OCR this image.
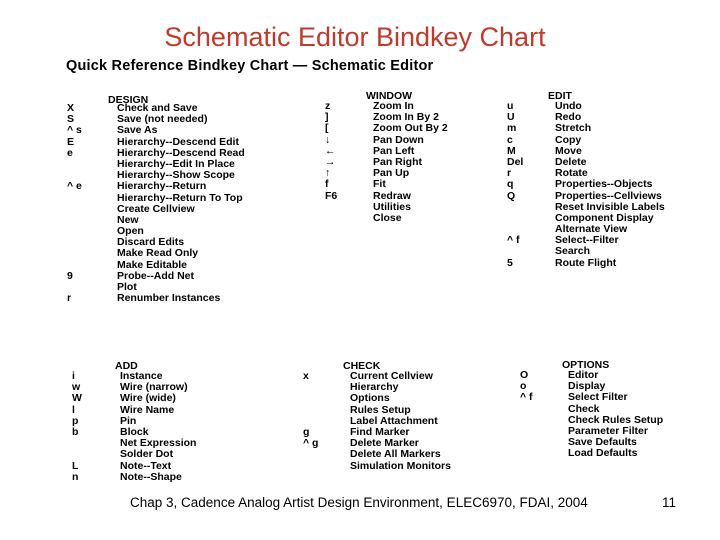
Schematic Editor Bindkey Chart
Quick Reference Bindkey Chart — Schematic Editor
DESIGN
X	Check and Save
S	Save (not needed)
^ s	Save As
E	Hierarchy--Descend Edit
e	Hierarchy--Descend Read
Hierarchy--Edit In Place
Hierarchy--Show Scope
^ e	Hierarchy--Return
Hierarchy--Return To Top
Create Cellview
New
Open
Discard Edits
Make Read Only
Make Editable
9	Probe--Add Net
Plot
r	Renumber Instances
WINDOW
z	Zoom In
]	Zoom In By 2
[	Zoom Out By 2
↓	Pan Down
←	Pan Left
→	Pan Right
↑	Pan Up
f	Fit
F6	Redraw
Utilities
Close
EDIT
u	Undo
U	Redo
m	Stretch
c	Copy
M	Move
Del	Delete
r	Rotate
q	Properties--Objects
Q	Properties--Cellviews
Reset Invisible Labels
Component Display
Alternate View
^ f	Select--Filter
Search
5	Route Flight
ADD
i	Instance
w	Wire (narrow)
W	Wire (wide)
l	Wire Name
p	Pin
b	Block
Net Expression
Solder Dot
L	Note--Text
n	Note--Shape
CHECK
x	Current Cellview
Hierarchy
Options
Rules Setup
Label Attachment
g	Find Marker
^ g	Delete Marker
Delete All Markers
Simulation Monitors
OPTIONS
O	Editor
o	Display
^ f	Select Filter
Check
Check Rules Setup
Parameter Filter
Save Defaults
Load Defaults
Chap 3, Cadence Analog Artist Design Environment, ELEC6970, FDAI, 2004	11
